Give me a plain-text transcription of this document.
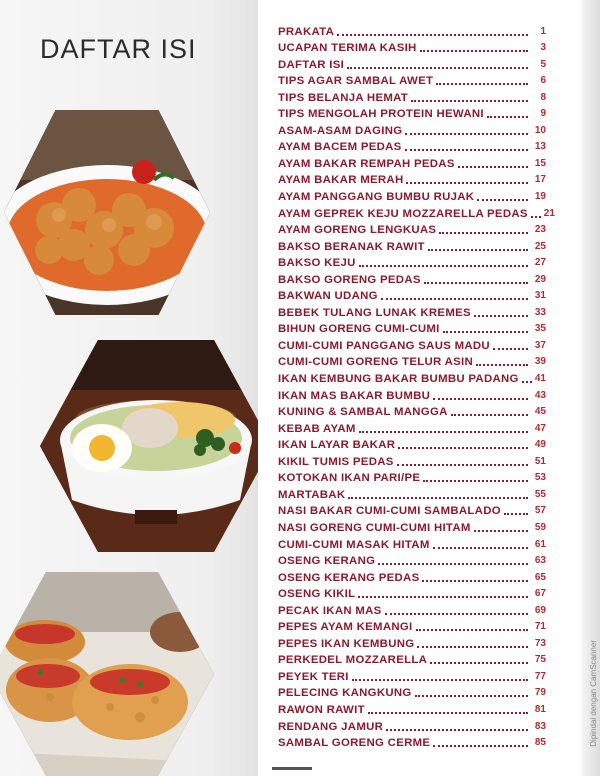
DAFTAR ISI
PRAKATA	1
UCAPAN TERIMA KASIH	3
DAFTAR ISI	5
TIPS AGAR SAMBAL AWET	6
TIPS BELANJA HEMAT	8
TIPS MENGOLAH PROTEIN HEWANI	9
ASAM-ASAM DAGING	10
AYAM BACEM PEDAS	13
AYAM BAKAR REMPAH PEDAS	15
AYAM BAKAR MERAH	17
AYAM PANGGANG BUMBU RUJAK	19
AYAM GEPREK KEJU MOZZARELLA PEDAS 21
AYAM GORENG LENGKUAS	23
BAKSO BERANAK RAWIT	25
BAKSO KEJU	27
BAKSO GORENG PEDAS	29
BAKWAN UDANG	31
BEBEK TULANG LUNAK KREMES	33
BIHUN GORENG CUMI-CUMI	35
CUMI-CUMI PANGGANG SAUS MADU	37
CUMI-CUMI GORENG TELUR ASIN	39
IKAN KEMBUNG BAKAR BUMBU PADANG 41
IKAN MAS BAKAR BUMBU	43
KUNING & SAMBAL MANGGA	45
KEBAB AYAM	47
IKAN LAYAR BAKAR	49
KIKIL TUMIS PEDAS	51
KOTOKAN IKAN PARI/PE	53
MARTABAK	55
NASI BAKAR CUMI-CUMI SAMBALADO	57
NASI GORENG CUMI-CUMI HITAM	59
CUMI-CUMI MASAK HITAM	61
OSENG KERANG	63
OSENG KERANG PEDAS	65
OSENG KIKIL	67
PECAK IKAN MAS	69
PEPES AYAM KEMANGI	71
PEPES IKAN KEMBUNG	73
PERKEDEL MOZZARELLA	75
PEYEK TERI	77
PELECING KANGKUNG	79
RAWON RAWIT	81
RENDANG JAMUR	83
SAMBAL GORENG CERME	85	Dipindai dengan CamScanner
